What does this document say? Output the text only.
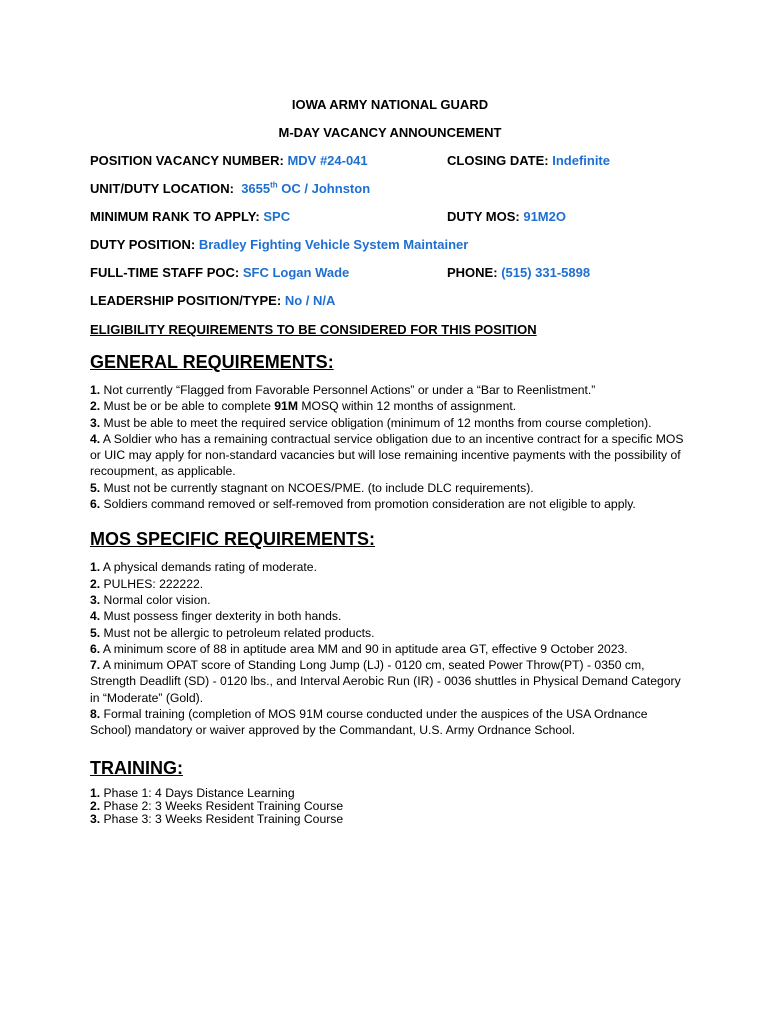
IOWA ARMY NATIONAL GUARD
M-DAY VACANCY ANNOUNCEMENT
POSITION VACANCY NUMBER: MDV #24-041	CLOSING DATE: Indefinite
UNIT/DUTY LOCATION: 3655th OC / Johnston
MINIMUM RANK TO APPLY: SPC	DUTY MOS: 91M2O
DUTY POSITION: Bradley Fighting Vehicle System Maintainer
FULL-TIME STAFF POC: SFC Logan Wade	PHONE: (515) 331-5898
LEADERSHIP POSITION/TYPE: No / N/A
ELIGIBILITY REQUIREMENTS TO BE CONSIDERED FOR THIS POSITION
GENERAL REQUIREMENTS:
1. Not currently “Flagged from Favorable Personnel Actions” or under a “Bar to Reenlistment.”
2. Must be or be able to complete 91M MOSQ within 12 months of assignment.
3. Must be able to meet the required service obligation (minimum of 12 months from course completion).
4. A Soldier who has a remaining contractual service obligation due to an incentive contract for a specific MOS or UIC may apply for non-standard vacancies but will lose remaining incentive payments with the possibility of recoupment, as applicable.
5. Must not be currently stagnant on NCOES/PME. (to include DLC requirements).
6. Soldiers command removed or self-removed from promotion consideration are not eligible to apply.
MOS SPECIFIC REQUIREMENTS:
1. A physical demands rating of moderate.
2. PULHES: 222222.
3. Normal color vision.
4. Must possess finger dexterity in both hands.
5. Must not be allergic to petroleum related products.
6. A minimum score of 88 in aptitude area MM and 90 in aptitude area GT, effective 9 October 2023.
7. A minimum OPAT score of Standing Long Jump (LJ) - 0120 cm, seated Power Throw(PT) - 0350 cm, Strength Deadlift (SD) - 0120 lbs., and Interval Aerobic Run (IR) - 0036 shuttles in Physical Demand Category in “Moderate” (Gold).
8. Formal training (completion of MOS 91M course conducted under the auspices of the USA Ordnance School) mandatory or waiver approved by the Commandant, U.S. Army Ordnance School.
TRAINING:
1. Phase 1: 4 Days Distance Learning
2. Phase 2: 3 Weeks Resident Training Course
3. Phase 3: 3 Weeks Resident Training Course
